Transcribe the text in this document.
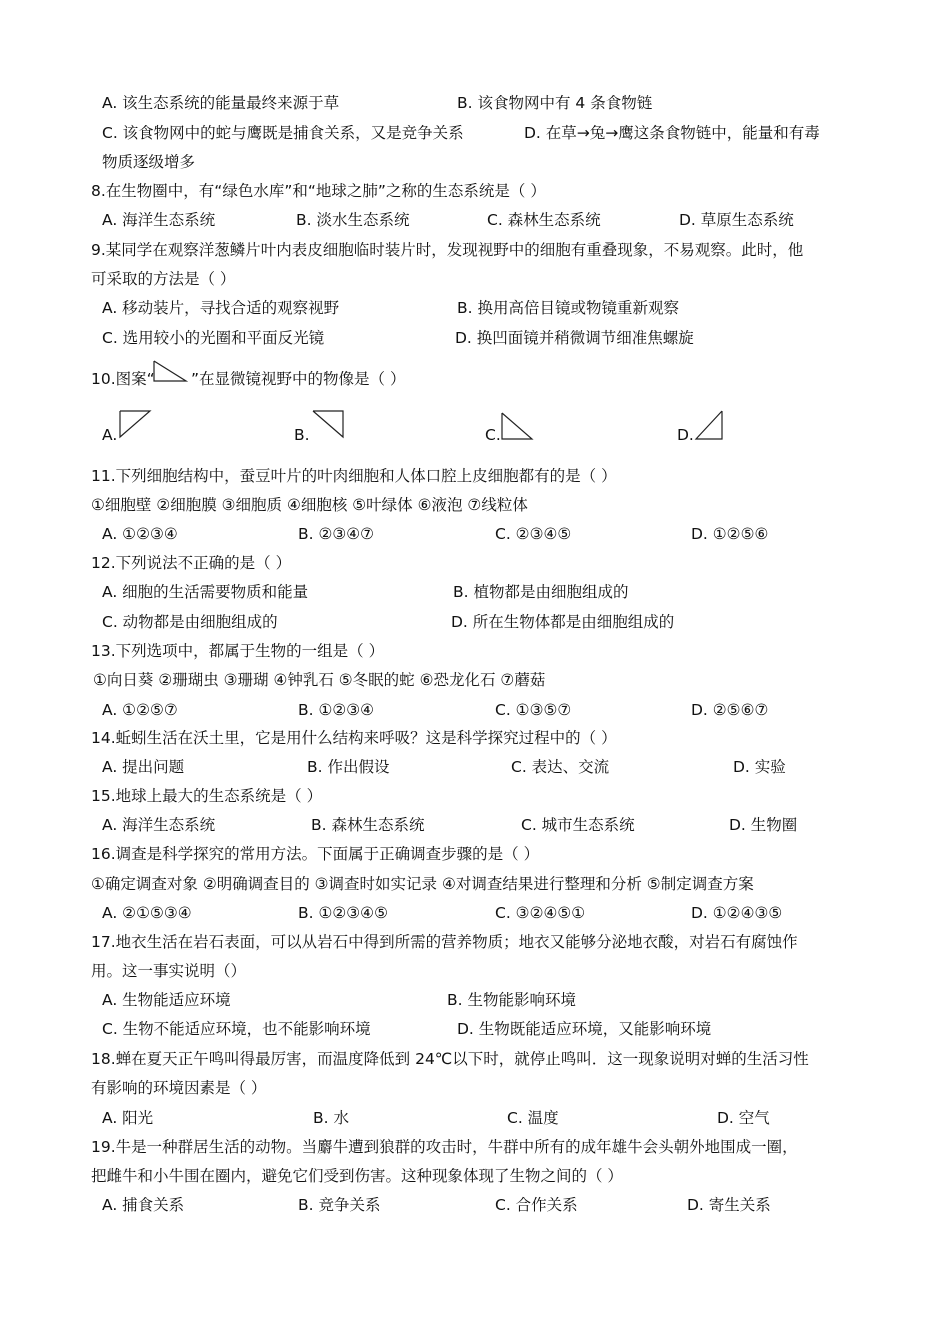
A. 该生态系统的能量最终来源于草	B. 该食物网中有 4 条食物链
C. 该食物网中的蛇与鹰既是捕食关系，又是竞争关系	D. 在草→兔→鹰这条食物链中，能量和有毒
物质逐级增多
8.在生物圈中，有“绿色水库”和“地球之肺”之称的生态系统是（ ）
A. 海洋生态系统	B. 淡水生态系统	C. 森林生态系统	D. 草原生态系统
9.某同学在观察洋葱鳞片叶内表皮细胞临时装片时，发现视野中的细胞有重叠现象，不易观察。此时，他
可采取的方法是（ ）
A. 移动装片，寻找合适的观察视野	B. 换用高倍目镜或物镜重新观察
C. 选用较小的光圈和平面反光镜	D. 换凹面镜并稍微调节细准焦螺旋
10.图案“ ”在显微镜视野中的物像是（ ）
A.	B.	C.	D.
11.下列细胞结构中，蚕豆叶片的叶肉细胞和人体口腔上皮细胞都有的是（ ）
①细胞壁 ②细胞膜 ③细胞质 ④细胞核 ⑤叶绿体 ⑥液泡 ⑦线粒体
A. ①②③④	B. ②③④⑦	C. ②③④⑤	D. ①②⑤⑥
12.下列说法不正确的是（ ）
A. 细胞的生活需要物质和能量	B. 植物都是由细胞组成的
C. 动物都是由细胞组成的	D. 所在生物体都是由细胞组成的
13.下列选项中，都属于生物的一组是（ ）
①向日葵 ②珊瑚虫 ③珊瑚 ④钟乳石 ⑤冬眠的蛇 ⑥恐龙化石 ⑦蘑菇
A. ①②⑤⑦	B. ①②③④	C. ①③⑤⑦	D. ②⑤⑥⑦
14.蚯蚓生活在沃土里，它是用什么结构来呼吸？这是科学探究过程中的（ ）
A. 提出问题	B. 作出假设	C. 表达、交流	D. 实验
15.地球上最大的生态系统是（ ）
A. 海洋生态系统	B. 森林生态系统	C. 城市生态系统	D. 生物圈
16.调查是科学探究的常用方法。下面属于正确调查步骤的是（ ）
①确定调查对象 ②明确调查目的 ③调查时如实记录 ④对调查结果进行整理和分析 ⑤制定调查方案
A. ②①⑤③④	B. ①②③④⑤	C. ③②④⑤①	D. ①②④③⑤
17.地衣生活在岩石表面，可以从岩石中得到所需的营养物质；地衣又能够分泌地衣酸，对岩石有腐蚀作
用。这一事实说明（）
A. 生物能适应环境	B. 生物能影响环境
C. 生物不能适应环境，也不能影响环境	D. 生物既能适应环境，又能影响环境
18.蝉在夏天正午鸣叫得最厉害，而温度降低到 24℃以下时，就停止鸣叫．这一现象说明对蝉的生活习性
有影响的环境因素是（ ）
A. 阳光	B. 水	C. 温度	D. 空气
19.牛是一种群居生活的动物。当麝牛遭到狼群的攻击时，牛群中所有的成年雄牛会头朝外地围成一圈，
把雌牛和小牛围在圈内，避免它们受到伤害。这种现象体现了生物之间的（ ）
A. 捕食关系	B. 竞争关系	C. 合作关系	D. 寄生关系
